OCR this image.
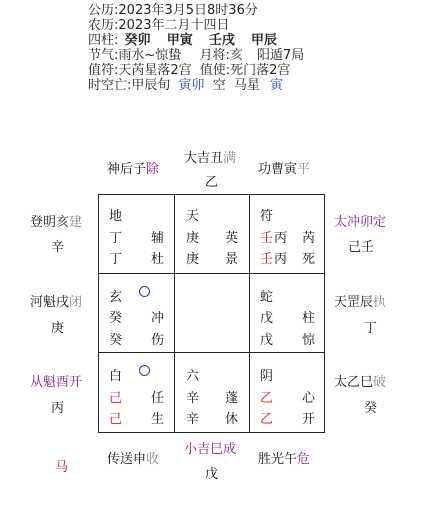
公历:2023年3月5日8时36分
农历:2023年二月十四日
四柱: 癸卯 甲寅 壬戌 甲辰
节气:雨水~惊蛰 月将:亥 阳遁7局
值符:天芮星落2宫 值使:死门落2宫
时空亡:甲辰旬 寅卯 空 马星 寅
神后子除
大吉丑满
乙
功曹寅平
登明亥建
辛
河魁戌闭
庚
从魁酉开
丙
太冲卯定
己壬
天罡辰执
丁
太乙巳破
癸
马
传送申收
小吉巳成
戊
胜光午危
地
丁 辅
丁 杜
天
庚 英
庚 景
符
壬 丙 芮
壬 丙 死
玄
癸 冲
癸 伤
蛇
戊 柱
戊 惊
白
己 任
己 生
六
辛 蓬
辛 休
阴
乙 心
乙 开
